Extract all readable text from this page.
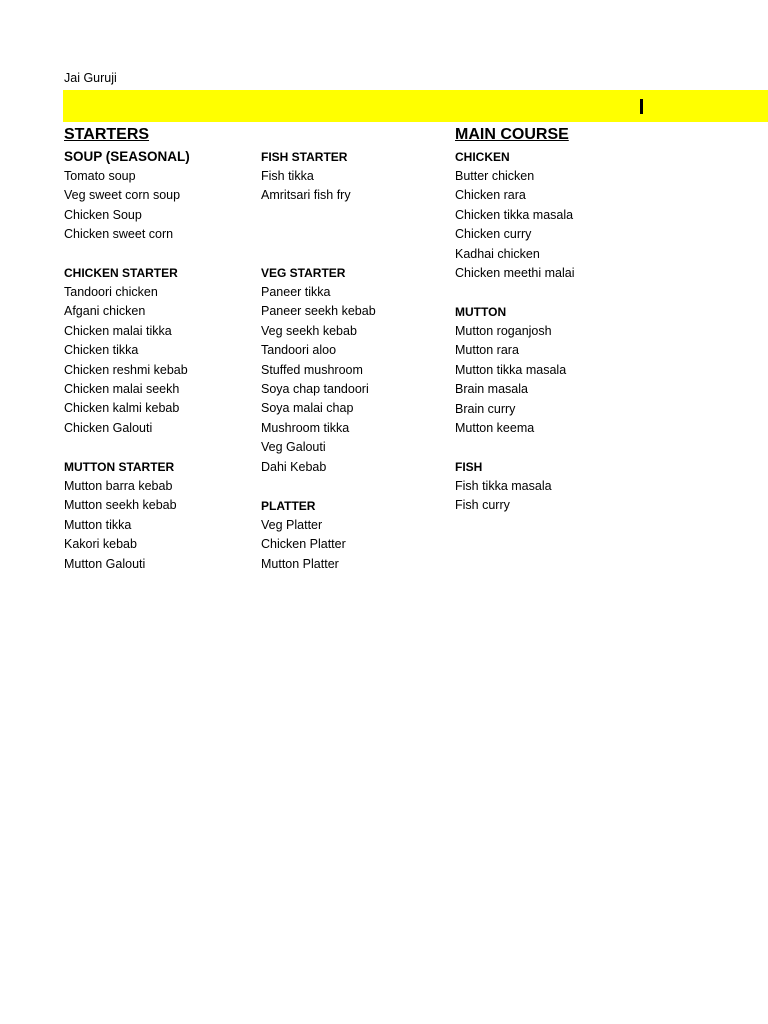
Jai Guruji
STARTERS	MAIN COURSE
SOUP (SEASONAL)
CHICKEN STARTER
MUTTON STARTER
FISH STARTER
VEG STARTER
PLATTER
CHICKEN
MUTTON
FISH
Tomato soup
Veg sweet corn soup
Chicken Soup
Chicken sweet corn
Tandoori chicken
Afgani chicken
Chicken malai tikka
Chicken tikka
Chicken reshmi kebab
Chicken malai seekh
Chicken kalmi kebab
Chicken Galouti
Mutton barra kebab
Mutton seekh kebab
Mutton tikka
Kakori kebab
Mutton Galouti
Fish tikka
Amritsari fish fry
Paneer tikka
Paneer seekh kebab
Veg seekh kebab
Tandoori aloo
Stuffed mushroom
Soya chap tandoori
Soya malai chap
Mushroom tikka
Veg Galouti
Dahi Kebab
Veg Platter
Chicken Platter
Mutton Platter
Butter chicken
Chicken rara
Chicken tikka masala
Chicken curry
Kadhai chicken
Chicken meethi malai
Mutton roganjosh
Mutton rara
Mutton tikka masala
Brain masala
Brain curry
Mutton keema
Fish tikka masala
Fish curry
